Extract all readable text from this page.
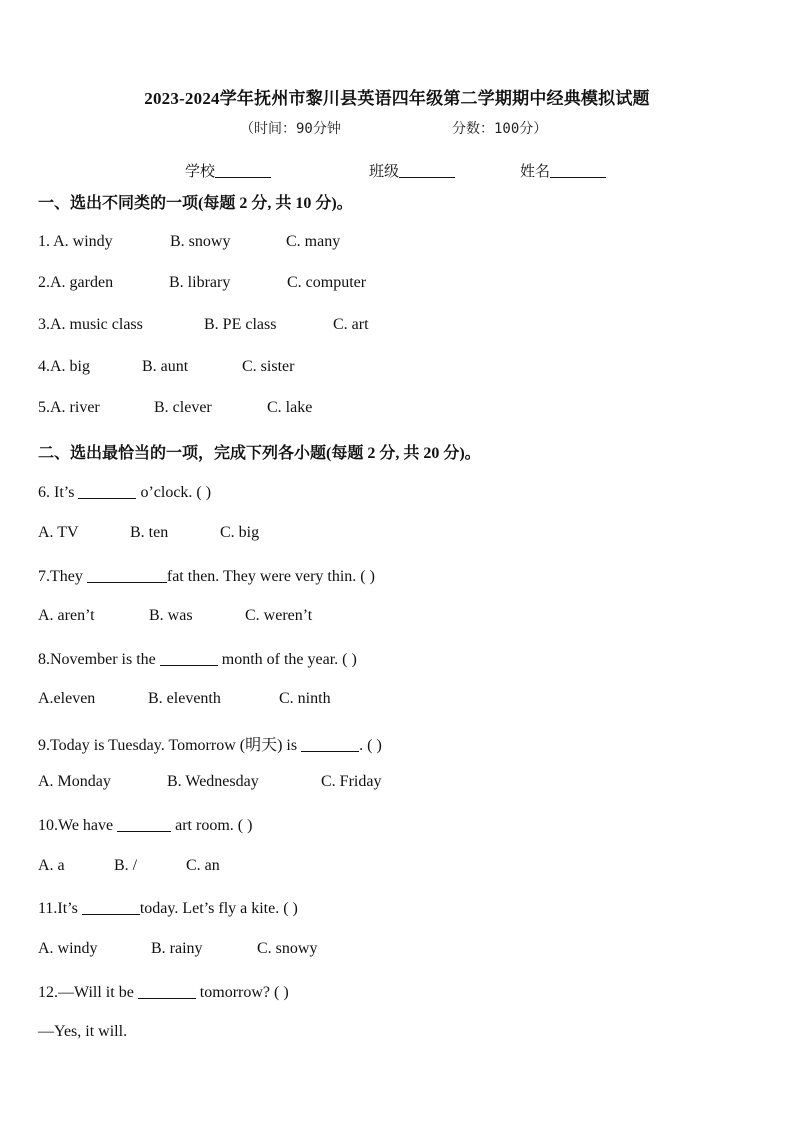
2023-2024学年抚州市黎川县英语四年级第二学期期中经典模拟试题
（时间：90分钟	分数：100分）
学校	班级	姓名
一、选出不同类的一项(每题 2 分, 共 10 分)。
1. A. windy	B. snowy	C. many
2.A. garden	B. library	C. computer
3.A. music class	B. PE class	C. art
4.A. big	B. aunt	C. sister
5.A. river	B. clever	C. lake
二、选出最恰当的一项，完成下列各小题(每题 2 分, 共 20 分)。
6. It’s	o’clock. ( )
A. TV	B. ten	C. big
7.They	fat then. They were very thin. ( )
A. aren’t	B. was	C. weren’t
8.November is the	month of the year. ( )
A.eleven	B. eleventh	C. ninth
9.Today is Tuesday. Tomorrow (明天) is	. ( )
A. Monday	B. Wednesday	C. Friday
10.We have	art room. ( )
A. a	B. /	C. an
11.It’s	today. Let’s fly a kite. ( )
A. windy	B. rainy	C. snowy
12.—Will it be	tomorrow? ( )
—Yes, it will.
